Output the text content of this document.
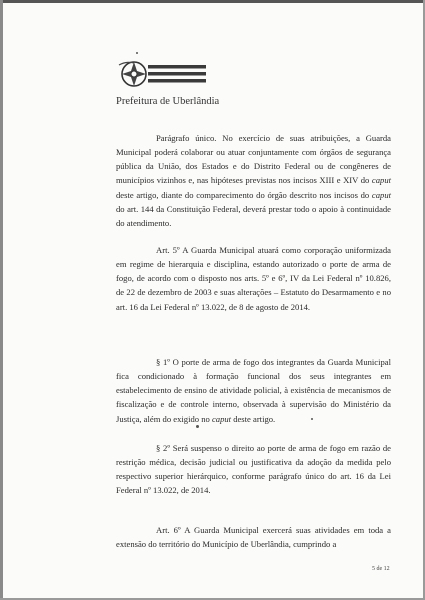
Prefeitura de Uberlândia

Parágrafo único. No exercício de suas atribuições, a Guarda Municipal poderá colaborar ou atuar conjuntamente com órgãos de segurança pública da União, dos Estados e do Distrito Federal ou de congêneres de municípios vizinhos e, nas hipóteses previstas nos incisos XIII e XIV do caput deste artigo, diante do comparecimento do órgão descrito nos incisos do caput do art. 144 da Constituição Federal, deverá prestar todo o apoio à continuidade do atendimento.

Art. 5º A Guarda Municipal atuará como corporação uniformizada em regime de hierarquia e disciplina, estando autorizado o porte de arma de fogo, de acordo com o disposto nos arts. 5º e 6º, IV da Lei Federal nº 10.826, de 22 de dezembro de 2003 e suas alterações – Estatuto do Desarmamento e no art. 16 da Lei Federal nº 13.022, de 8 de agosto de 2014.

§ 1º O porte de arma de fogo dos integrantes da Guarda Municipal fica condicionado à formação funcional dos seus integrantes em estabelecimento de ensino de atividade policial, à existência de mecanismos de fiscalização e de controle interno, observada à supervisão do Ministério da Justiça, além do exigido no caput deste artigo.

§ 2º Será suspenso o direito ao porte de arma de fogo em razão de restrição médica, decisão judicial ou justificativa da adoção da medida pelo respectivo superior hierárquico, conforme parágrafo único do art. 16 da Lei Federal nº 13.022, de 2014.

Art. 6º A Guarda Municipal exercerá suas atividades em toda a extensão do território do Município de Uberlândia, cumprindo a

5 de 12
